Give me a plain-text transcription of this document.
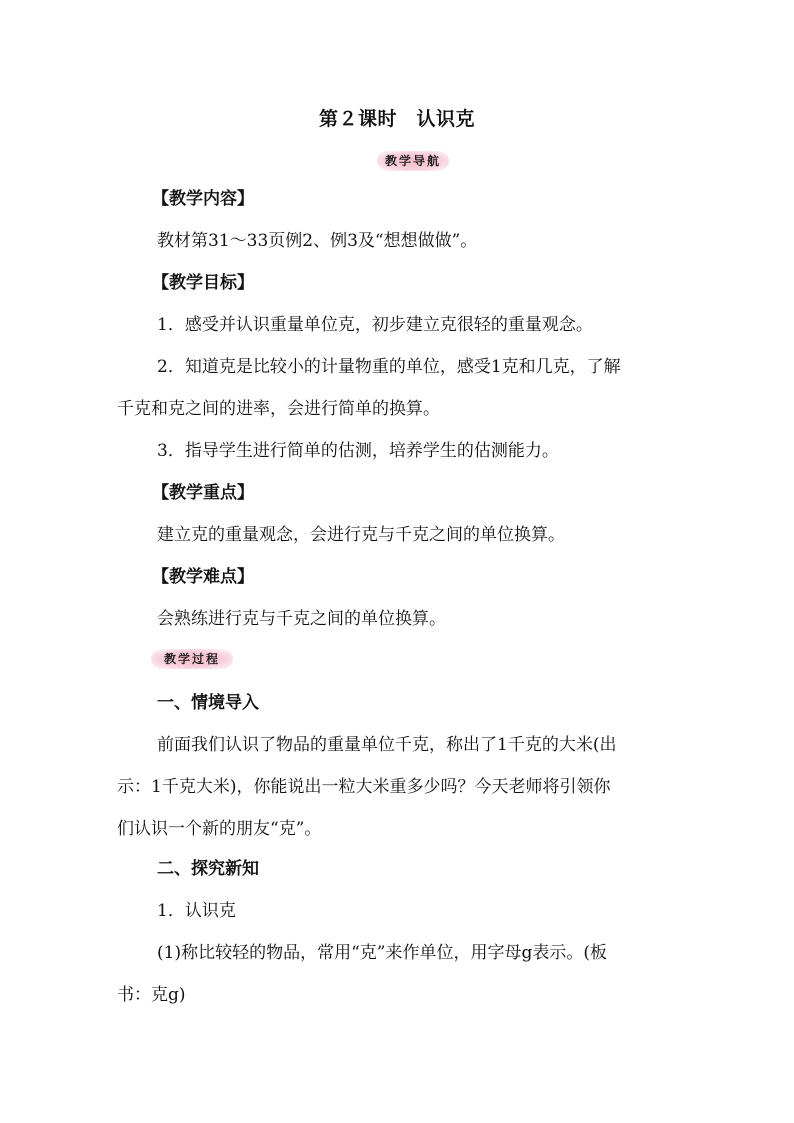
第２课时　认识克
教学导航
【教学内容】
教材第31～33页例2、例3及“想想做做”。
【教学目标】
1．感受并认识重量单位克，初步建立克很轻的重量观念。
2．知道克是比较小的计量物重的单位，感受1克和几克，了解
千克和克之间的进率，会进行简单的换算。
3．指导学生进行简单的估测，培养学生的估测能力。
【教学重点】
建立克的重量观念，会进行克与千克之间的单位换算。
【教学难点】
会熟练进行克与千克之间的单位换算。
教学过程
一、情境导入
前面我们认识了物品的重量单位千克，称出了1千克的大米(出
示：1千克大米)，你能说出一粒大米重多少吗？今天老师将引领你
们认识一个新的朋友“克”。
二、探究新知
1．认识克
(1)称比较轻的物品，常用“克”来作单位，用字母g表示。(板
书：克g)
